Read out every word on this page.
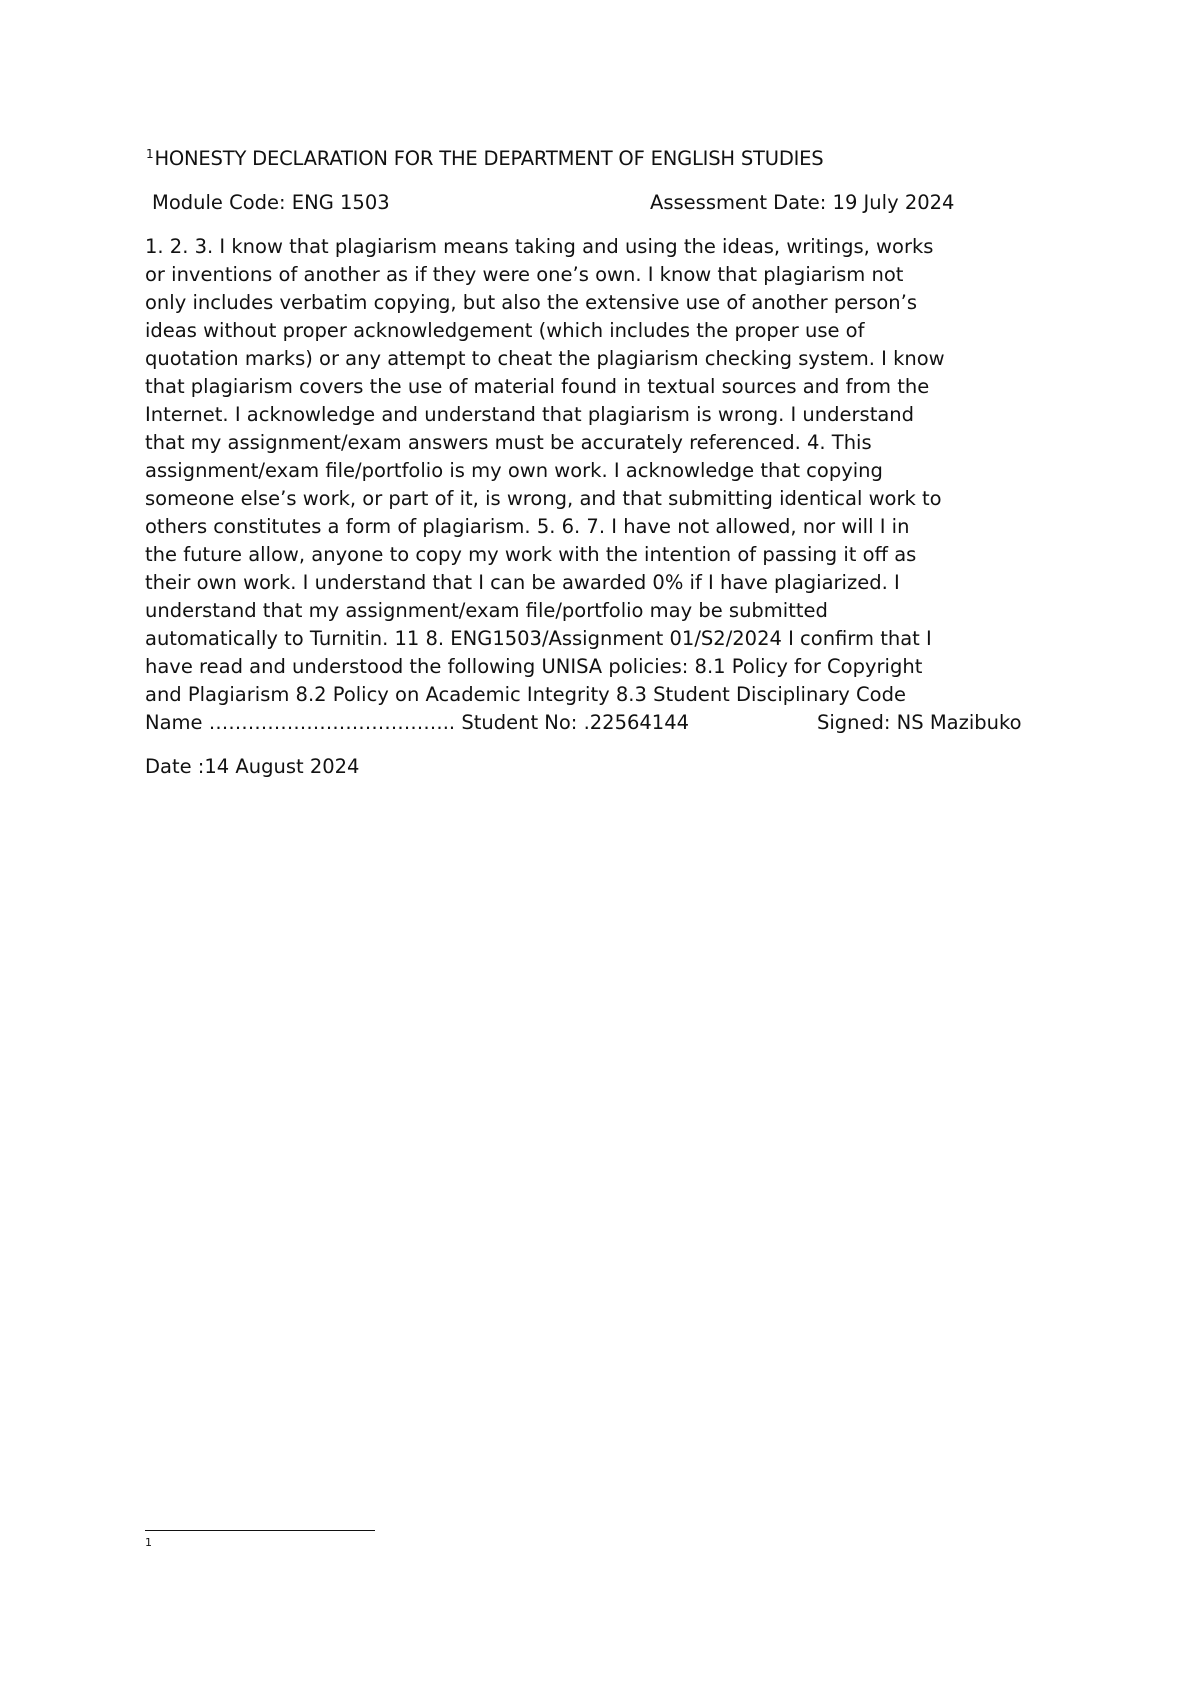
$^1$HONESTY DECLARATION FOR THE DEPARTMENT OF ENGLISH STUDIES
Module Code: ENG 1503	Assessment Date: 19 July 2024
1. 2. 3. I know that plagiarism means taking and using the ideas, writings, works
or inventions of another as if they were one’s own. I know that plagiarism not
only includes verbatim copying, but also the extensive use of another person’s
ideas without proper acknowledgement (which includes the proper use of
quotation marks) or any attempt to cheat the plagiarism checking system. I know
that plagiarism covers the use of material found in textual sources and from the
Internet. I acknowledge and understand that plagiarism is wrong. I understand
that my assignment/exam answers must be accurately referenced. 4. This
assignment/exam file/portfolio is my own work. I acknowledge that copying
someone else’s work, or part of it, is wrong, and that submitting identical work to
others constitutes a form of plagiarism. 5. 6. 7. I have not allowed, nor will I in
the future allow, anyone to copy my work with the intention of passing it off as
their own work. I understand that I can be awarded 0% if I have plagiarized. I
understand that my assignment/exam file/portfolio may be submitted
automatically to Turnitin. 11 8. ENG1503/Assignment 01/S2/2024 I confirm that I
have read and understood the following UNISA policies: 8.1 Policy for Copyright
and Plagiarism 8.2 Policy on Academic Integrity 8.3 Student Disciplinary Code
Name ……………………………….. Student No: .22564144	Signed: NS Mazibuko
Date :14 August 2024
1
